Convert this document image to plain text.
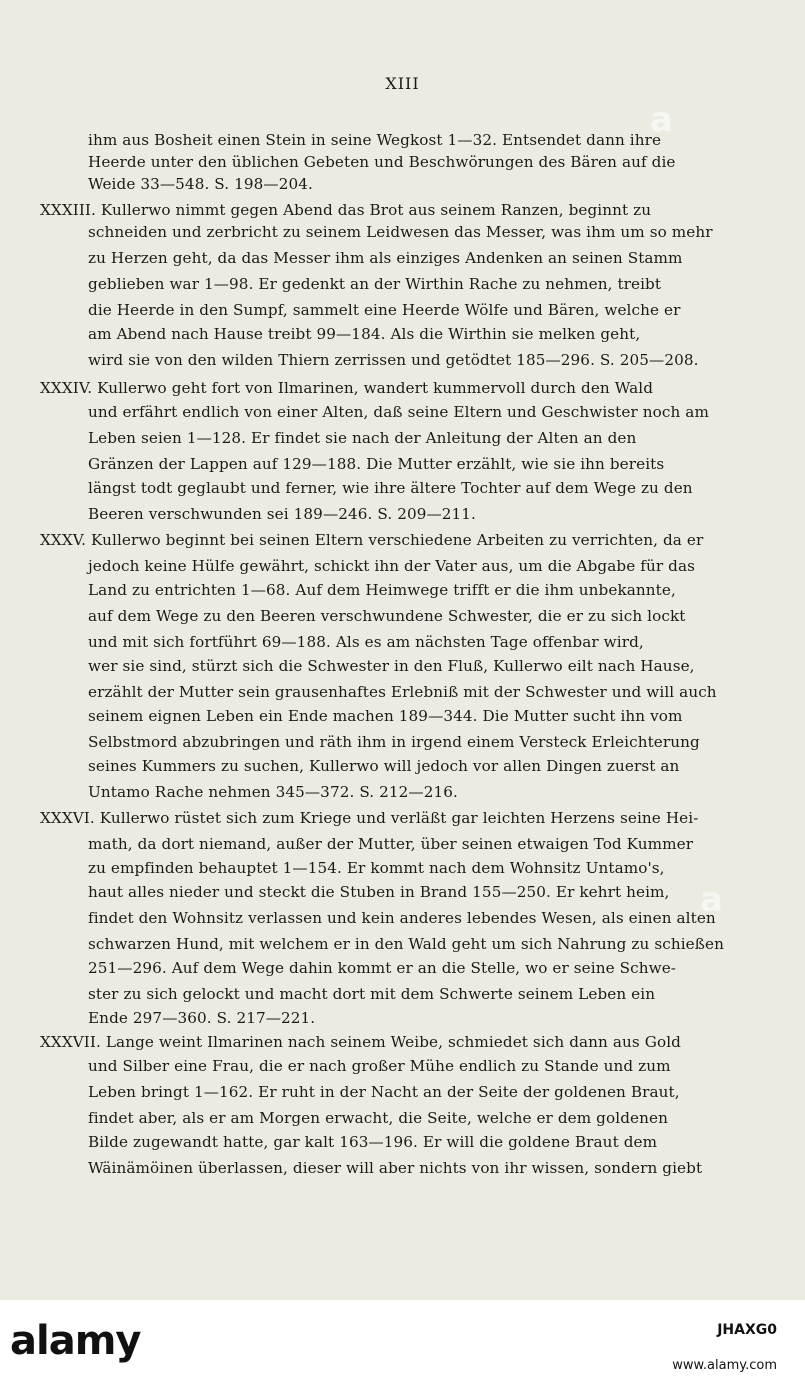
XIII
ihm aus Bosheit einen Stein in seine Wegkost 1—32. Entsendet dann ihre
Heerde unter den üblichen Gebeten und Beschwörungen des Bären auf die
Weide 33—548. S. 198—204.
XXXIII. Kullerwo nimmt gegen Abend das Brot aus seinem Ranzen, beginnt zu
schneiden und zerbricht zu seinem Leidwesen das Messer, was ihm um so mehr
zu Herzen geht, da das Messer ihm als einziges Andenken an seinen Stamm
geblieben war 1—98. Er gedenkt an der Wirthin Rache zu nehmen, treibt
die Heerde in den Sumpf, sammelt eine Heerde Wölfe und Bären, welche er
am Abend nach Hause treibt 99—184. Als die Wirthin sie melken geht,
wird sie von den wilden Thiern zerrissen und getödtet 185—296. S. 205—208.
XXXIV. Kullerwo geht fort von Ilmarinen, wandert kummervoll durch den Wald
und erfährt endlich von einer Alten, daß seine Eltern und Geschwister noch am
Leben seien 1—128. Er findet sie nach der Anleitung der Alten an den
Gränzen der Lappen auf 129—188. Die Mutter erzählt, wie sie ihn bereits
längst todt geglaubt und ferner, wie ihre ältere Tochter auf dem Wege zu den
Beeren verschwunden sei 189—246. S. 209—211.
XXXV. Kullerwo beginnt bei seinen Eltern verschiedene Arbeiten zu verrichten, da er
jedoch keine Hülfe gewährt, schickt ihn der Vater aus, um die Abgabe für das
Land zu entrichten 1—68. Auf dem Heimwege trifft er die ihm unbekannte,
auf dem Wege zu den Beeren verschwundene Schwester, die er zu sich lockt
und mit sich fortführt 69—188. Als es am nächsten Tage offenbar wird,
wer sie sind, stürzt sich die Schwester in den Fluß, Kullerwo eilt nach Hause,
erzählt der Mutter sein grausenhaftes Erlebniß mit der Schwester und will auch
seinem eignen Leben ein Ende machen 189—344. Die Mutter sucht ihn vom
Selbstmord abzubringen und räth ihm in irgend einem Versteck Erleichterung
seines Kummers zu suchen, Kullerwo will jedoch vor allen Dingen zuerst an
Untamo Rache nehmen 345—372. S. 212—216.
XXXVI. Kullerwo rüstet sich zum Kriege und verläßt gar leichten Herzens seine Hei-
math, da dort niemand, außer der Mutter, über seinen etwaigen Tod Kummer
zu empfinden behauptet 1—154. Er kommt nach dem Wohnsitz Untamo's,
haut alles nieder und steckt die Stuben in Brand 155—250. Er kehrt heim,
findet den Wohnsitz verlassen und kein anderes lebendes Wesen, als einen alten
schwarzen Hund, mit welchem er in den Wald geht um sich Nahrung zu schießen
251—296. Auf dem Wege dahin kommt er an die Stelle, wo er seine Schwe-
ster zu sich gelockt und macht dort mit dem Schwerte seinem Leben ein
Ende 297—360. S. 217—221.
XXXVII. Lange weint Ilmarinen nach seinem Weibe, schmiedet sich dann aus Gold
und Silber eine Frau, die er nach großer Mühe endlich zu Stande und zum
Leben bringt 1—162. Er ruht in der Nacht an der Seite der goldenen Braut,
findet aber, als er am Morgen erwacht, die Seite, welche er dem goldenen
Bilde zugewandt hatte, gar kalt 163—196. Er will die goldene Braut dem
Wäinämöinen überlassen, dieser will aber nichts von ihr wissen, sondern giebt
a
a
alamy	JHAXG0
www.alamy.com
